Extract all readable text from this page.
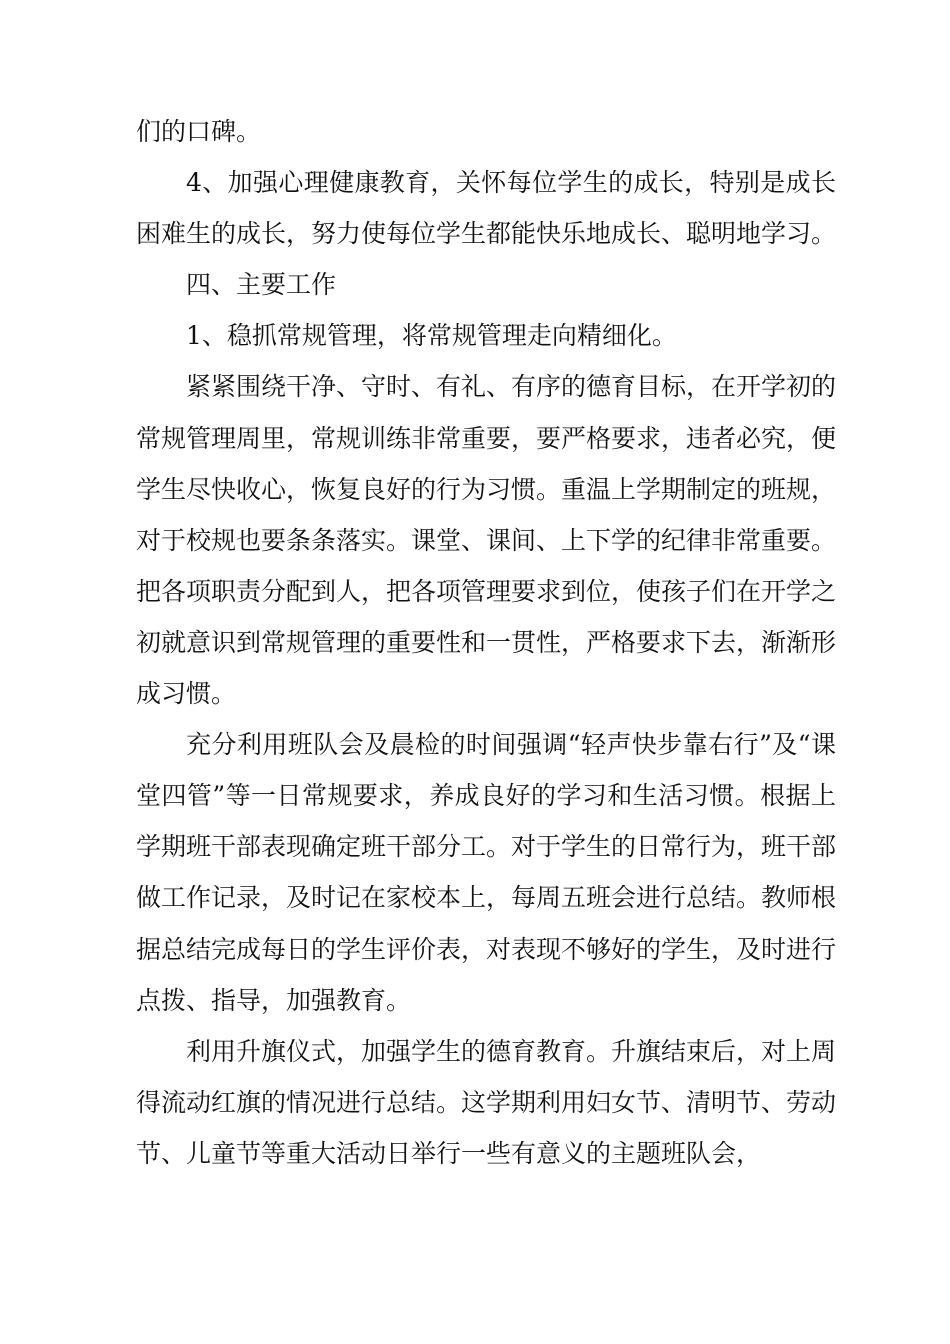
们的口碑。

4、加强心理健康教育，关怀每位学生的成长，特别是成长困难生的成长，努力使每位学生都能快乐地成长、聪明地学习。

四、主要工作

1、稳抓常规管理，将常规管理走向精细化。

紧紧围绕干净、守时、有礼、有序的德育目标，在开学初的常规管理周里，常规训练非常重要，要严格要求，违者必究，便学生尽快收心，恢复良好的行为习惯。重温上学期制定的班规，对于校规也要条条落实。课堂、课间、上下学的纪律非常重要。把各项职责分配到人，把各项管理要求到位，使孩子们在开学之初就意识到常规管理的重要性和一贯性，严格要求下去，渐渐形成习惯。

充分利用班队会及晨检的时间强调“轻声快步靠右行”及“课堂四管”等一日常规要求，养成良好的学习和生活习惯。根据上学期班干部表现确定班干部分工。对于学生的日常行为，班干部做工作记录，及时记在家校本上，每周五班会进行总结。教师根据总结完成每日的学生评价表，对表现不够好的学生，及时进行点拨、指导，加强教育。

利用升旗仪式，加强学生的德育教育。升旗结束后，对上周得流动红旗的情况进行总结。这学期利用妇女节、清明节、劳动节、儿童节等重大活动日举行一些有意义的主题班队会，
